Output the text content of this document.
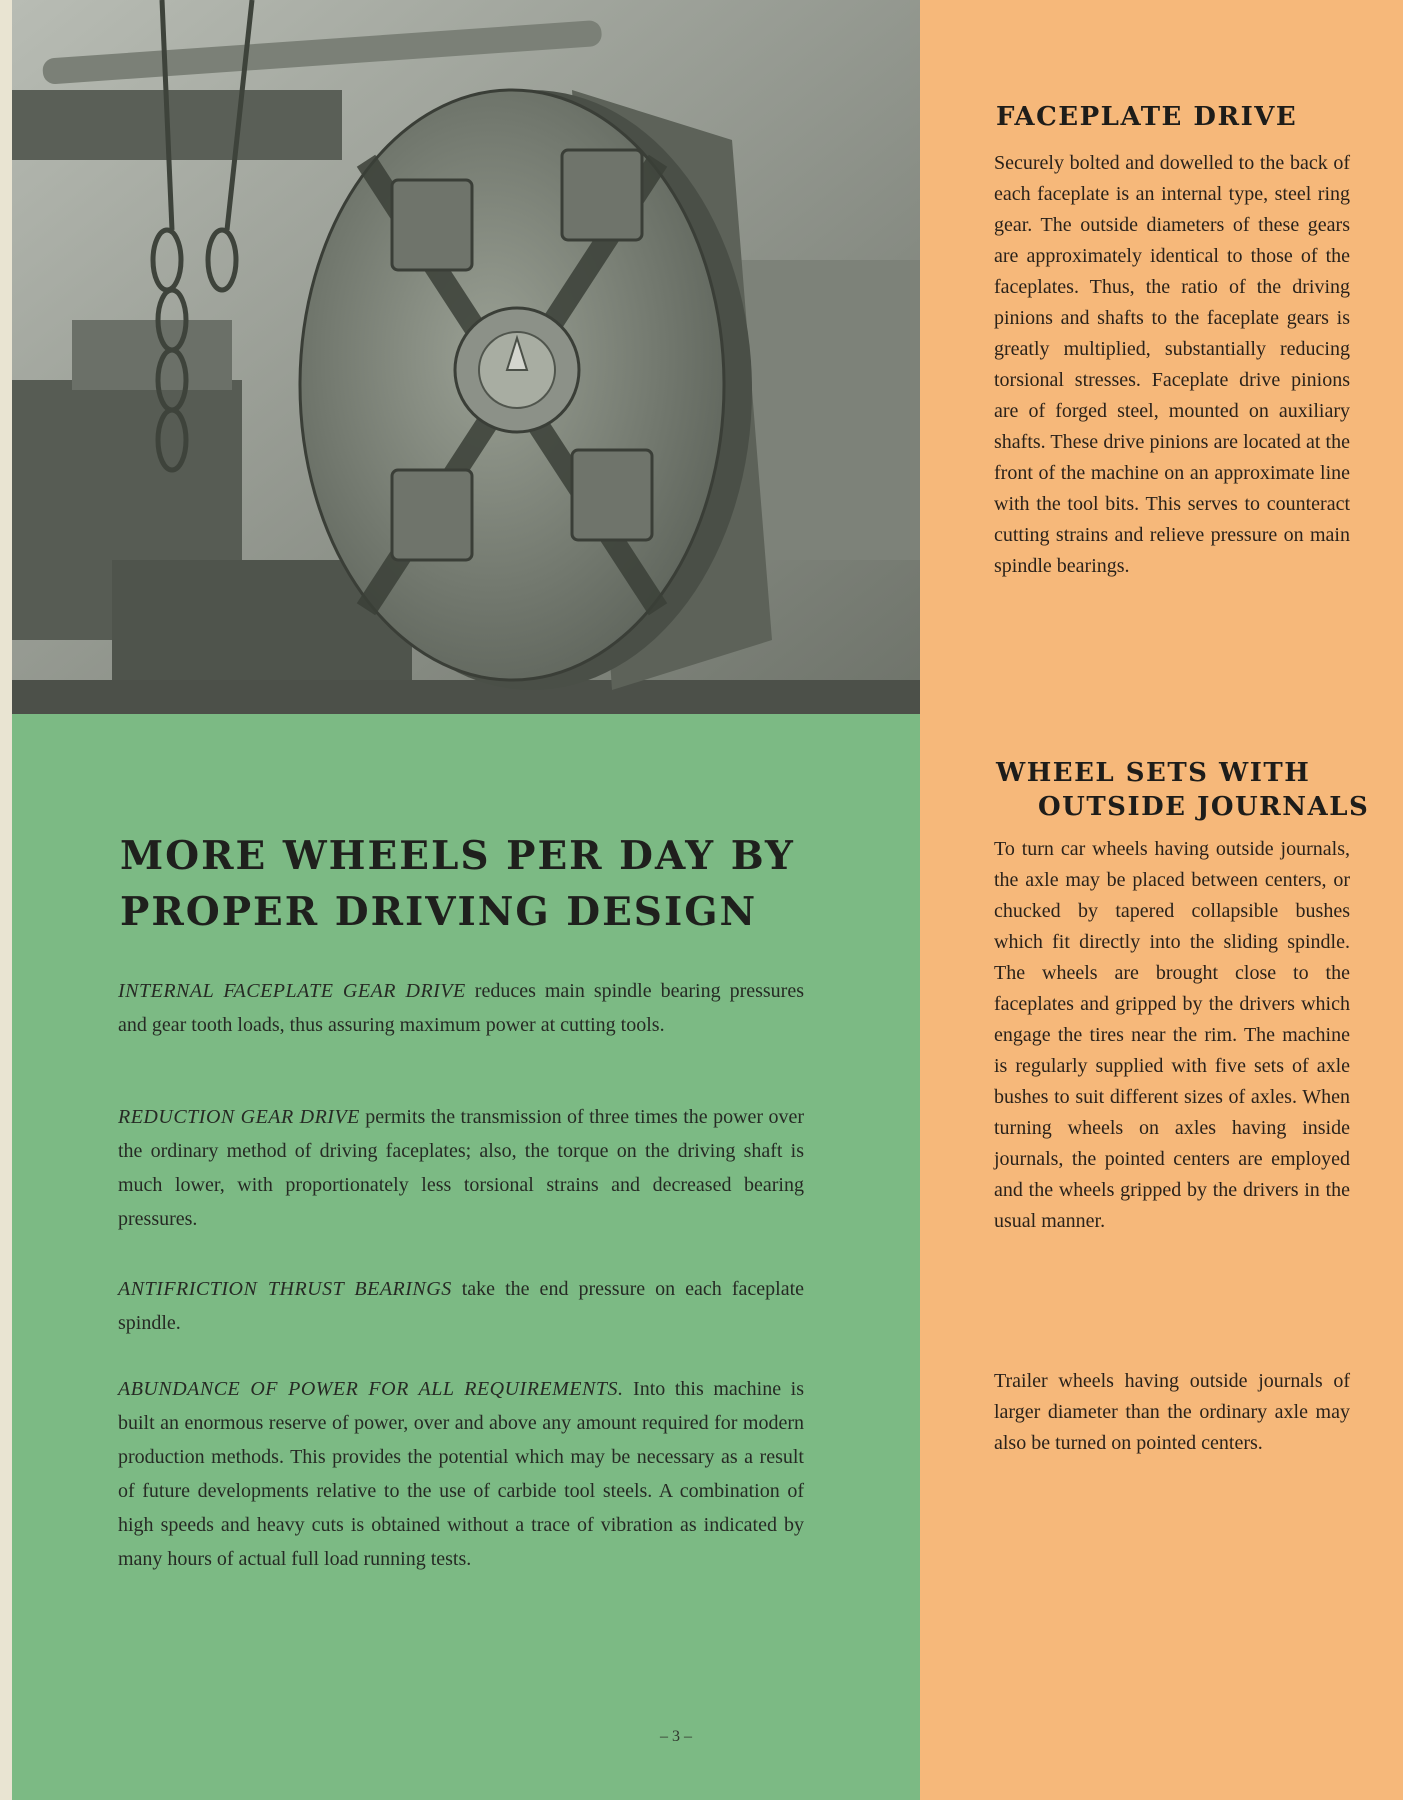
MORE WHEELS PER DAY BY
PROPER DRIVING DESIGN

INTERNAL FACEPLATE GEAR DRIVE reduces main spindle bearing pressures and gear tooth loads, thus assuring maximum power at cutting tools.

REDUCTION GEAR DRIVE permits the transmission of three times the power over the ordinary method of driving faceplates; also, the torque on the driving shaft is much lower, with proportionately less torsional strains and decreased bearing pressures.

ANTIFRICTION THRUST BEARINGS take the end pressure on each faceplate spindle.

ABUNDANCE OF POWER FOR ALL REQUIREMENTS. Into this machine is built an enormous reserve of power, over and above any amount required for modern production methods. This provides the potential which may be necessary as a result of future developments relative to the use of carbide tool steels. A combination of high speeds and heavy cuts is obtained without a trace of vibration as indicated by many hours of actual full load running tests.

– 3 –

FACEPLATE DRIVE

Securely bolted and dowelled to the back of each faceplate is an internal type, steel ring gear. The outside diameters of these gears are approximately identical to those of the faceplates. Thus, the ratio of the driving pinions and shafts to the faceplate gears is greatly multiplied, substantially reducing torsional stresses. Faceplate drive pinions are of forged steel, mounted on auxiliary shafts. These drive pinions are located at the front of the machine on an approximate line with the tool bits. This serves to counteract cutting strains and relieve pressure on main spindle bearings.

WHEEL SETS WITH
OUTSIDE JOURNALS

To turn car wheels having outside journals, the axle may be placed between centers, or chucked by tapered collapsible bushes which fit directly into the sliding spindle. The wheels are brought close to the faceplates and gripped by the drivers which engage the tires near the rim. The machine is regularly supplied with five sets of axle bushes to suit different sizes of axles. When turning wheels on axles having inside journals, the pointed centers are employed and the wheels gripped by the drivers in the usual manner.

Trailer wheels having outside journals of larger diameter than the ordinary axle may also be turned on pointed centers.
